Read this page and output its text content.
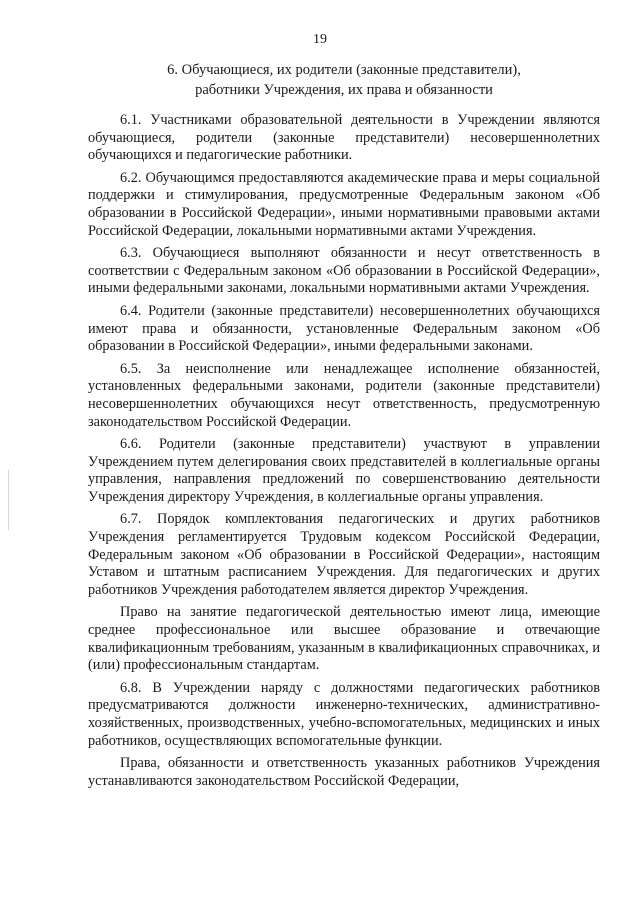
19
6. Обучающиеся, их родители (законные представители),
работники Учреждения, их права и обязанности

6.1. Участниками образовательной деятельности в Учреждении являются обучающиеся, родители (законные представители) несовершеннолетних обучающихся и педагогические работники.

6.2. Обучающимся предоставляются академические права и меры социальной поддержки и стимулирования, предусмотренные Федеральным законом «Об образовании в Российской Федерации», иными нормативными правовыми актами Российской Федерации, локальными нормативными актами Учреждения.

6.3. Обучающиеся выполняют обязанности и несут ответственность в соответствии с Федеральным законом «Об образовании в Российской Федерации», иными федеральными законами, локальными нормативными актами Учреждения.

6.4. Родители (законные представители) несовершеннолетних обучающихся имеют права и обязанности, установленные Федеральным законом «Об образовании в Российской Федерации», иными федеральными законами.

6.5. За неисполнение или ненадлежащее исполнение обязанностей, установленных федеральными законами, родители (законные представители) несовершеннолетних обучающихся несут ответственность, предусмотренную законодательством Российской Федерации.

6.6. Родители (законные представители) участвуют в управлении Учреждением путем делегирования своих представителей в коллегиальные органы управления, направления предложений по совершенствованию деятельности Учреждения директору Учреждения, в коллегиальные органы управления.

6.7. Порядок комплектования педагогических и других работников Учреждения регламентируется Трудовым кодексом Российской Федерации, Федеральным законом «Об образовании в Российской Федерации», настоящим Уставом и штатным расписанием Учреждения. Для педагогических и других работников Учреждения работодателем является директор Учреждения.

Право на занятие педагогической деятельностью имеют лица, имеющие среднее профессиональное или высшее образование и отвечающие квалификационным требованиям, указанным в квалификационных справочниках, и (или) профессиональным стандартам.

6.8. В Учреждении наряду с должностями педагогических работников предусматриваются должности инженерно-технических, административно-хозяйственных, производственных, учебно-вспомогательных, медицинских и иных работников, осуществляющих вспомогательные функции.

Права, обязанности и ответственность указанных работников Учреждения устанавливаются законодательством Российской Федерации,
